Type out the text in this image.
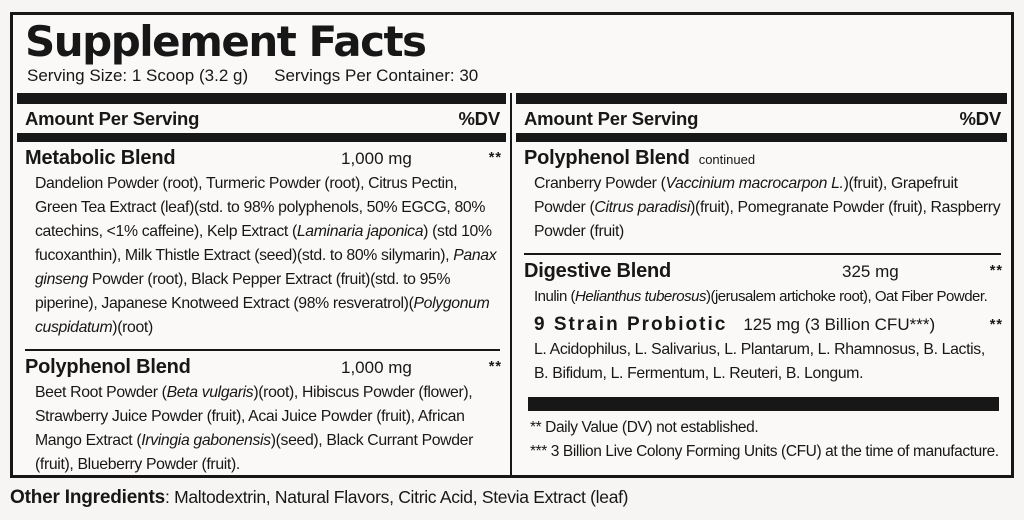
Supplement Facts
Serving Size: 1 Scoop (3.2 g) Servings Per Container: 30
Amount Per Serving	%DV
Metabolic Blend	1,000 mg	**
Dandelion Powder (root), Turmeric Powder (root), Citrus Pectin, Green Tea Extract (leaf)(std. to 98% polyphenols, 50% EGCG, 80% catechins, <1% caffeine), Kelp Extract (Laminaria japonica) (std 10% fucoxanthin), Milk Thistle Extract (seed)(std. to 80% silymarin), Panax ginseng Powder (root), Black Pepper Extract (fruit)(std. to 95% piperine), Japanese Knotweed Extract (98% resveratrol)(Polygonum cuspidatum)(root)
Polyphenol Blend	1,000 mg	**
Beet Root Powder (Beta vulgaris)(root), Hibiscus Powder (flower), Strawberry Juice Powder (fruit), Acai Juice Powder (fruit), African Mango Extract (Irvingia gabonensis)(seed), Black Currant Powder (fruit), Blueberry Powder (fruit).
Amount Per Serving	%DV
Polyphenol Blend continued
Cranberry Powder (Vaccinium macrocarpon L.)(fruit), Grapefruit Powder (Citrus paradisi)(fruit), Pomegranate Powder (fruit), Raspberry Powder (fruit)
Digestive Blend	325 mg	**
Inulin (Helianthus tuberosus)(jerusalem artichoke root), Oat Fiber Powder.
9 Strain Probiotic 125 mg (3 Billion CFU***)	**
L. Acidophilus, L. Salivarius, L. Plantarum, L. Rhamnosus, B. Lactis, B. Bifidum, L. Fermentum, L. Reuteri, B. Longum.
** Daily Value (DV) not established.
*** 3 Billion Live Colony Forming Units (CFU) at the time of manufacture.
Other Ingredients: Maltodextrin, Natural Flavors, Citric Acid, Stevia Extract (leaf)
